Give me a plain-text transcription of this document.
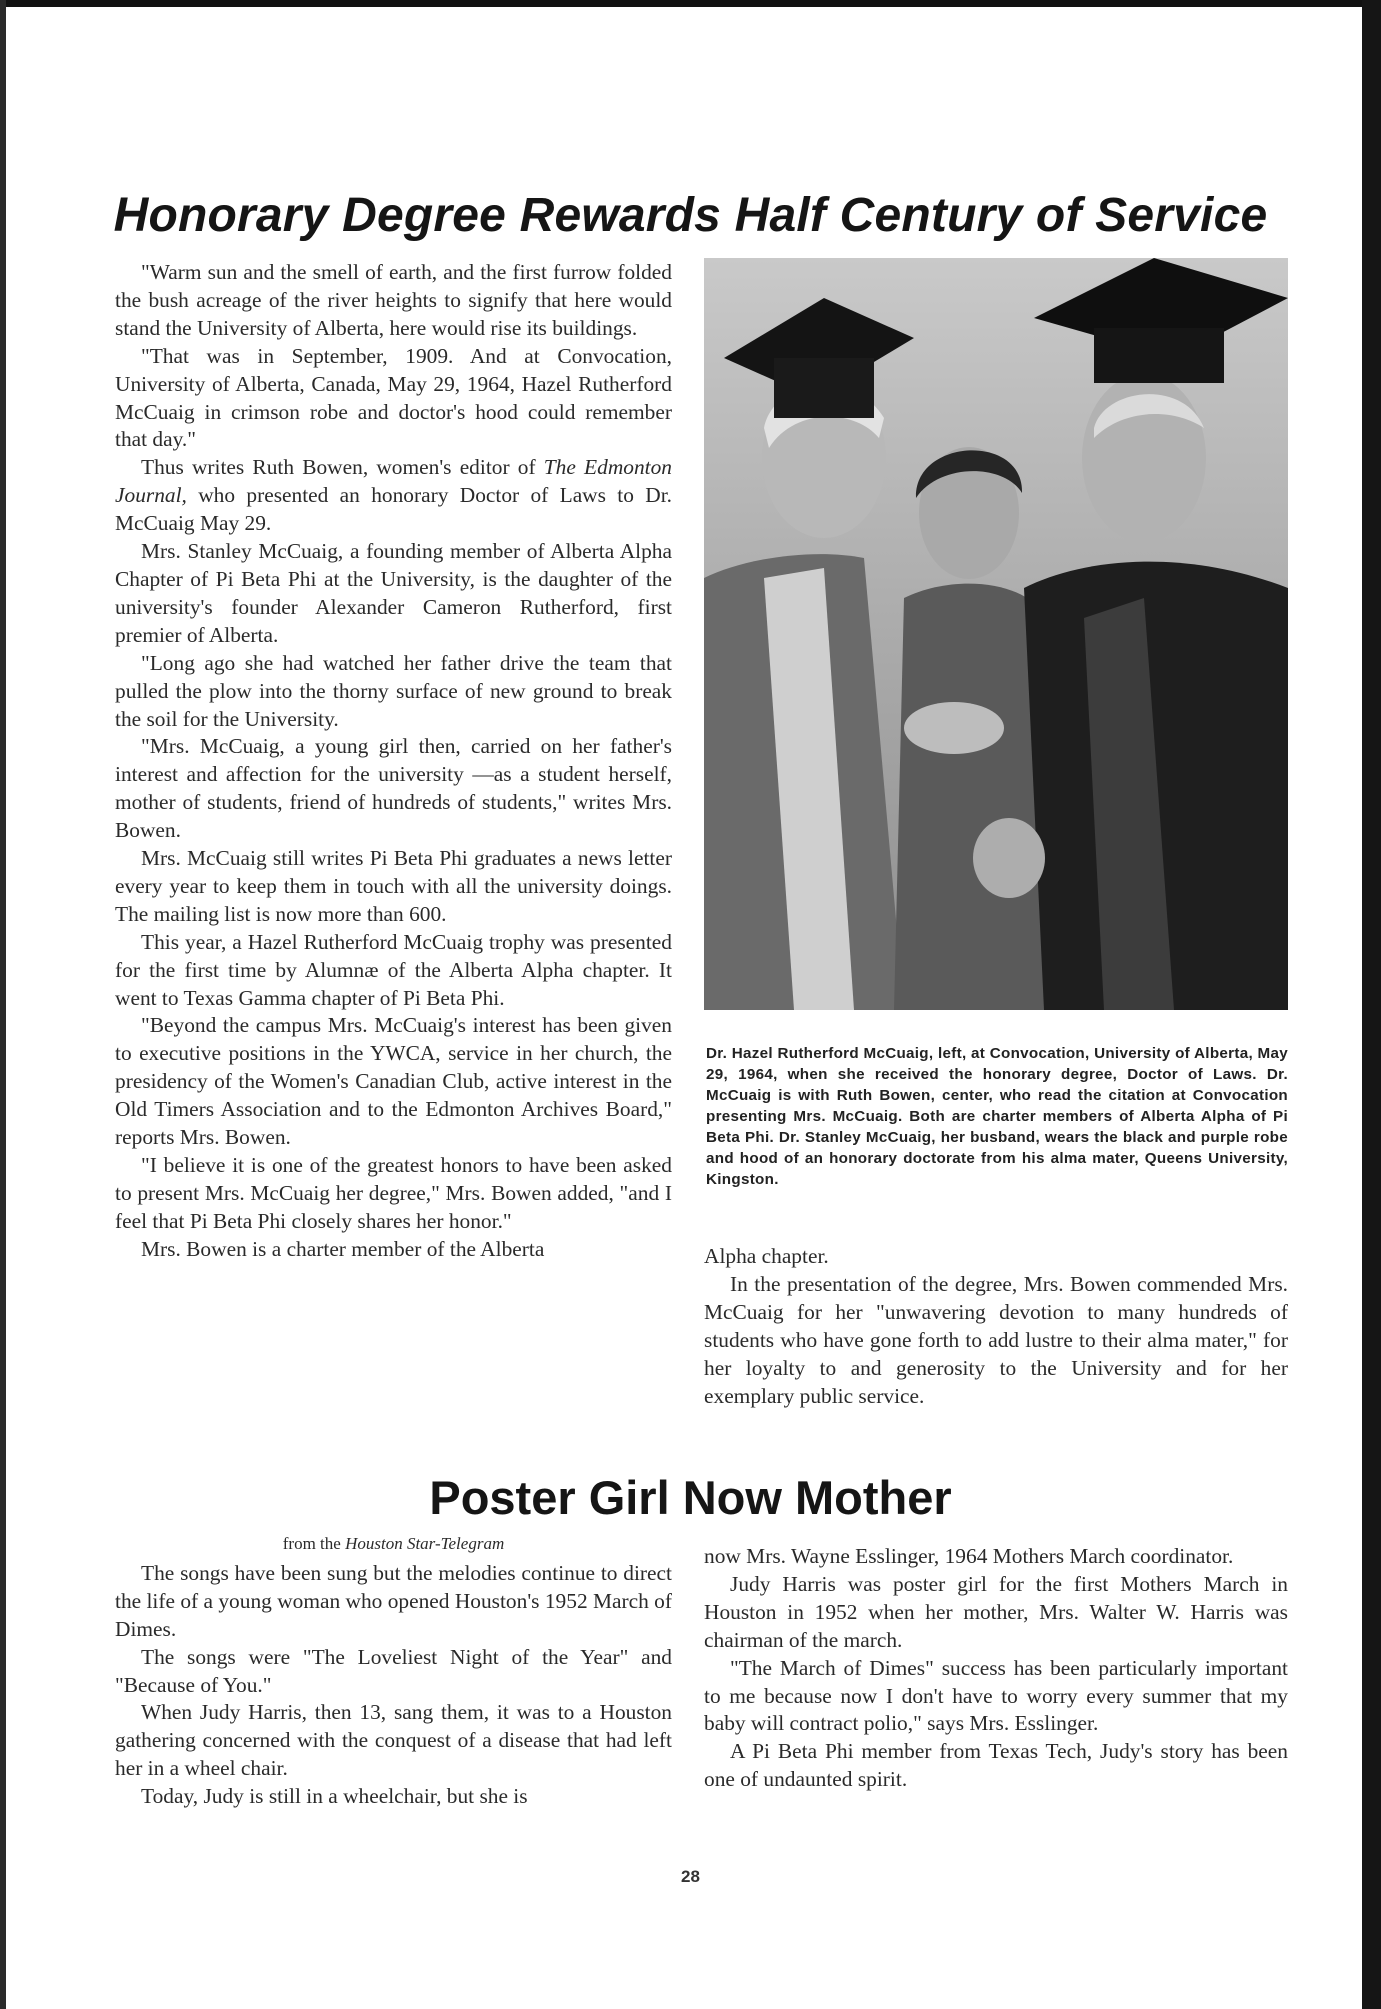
Honorary Degree Rewards Half Century of Service

"Warm sun and the smell of earth, and the first furrow folded the bush acreage of the river heights to signify that here would stand the University of Alberta, here would rise its buildings.

"That was in September, 1909. And at Convocation, University of Alberta, Canada, May 29, 1964, Hazel Rutherford McCuaig in crimson robe and doctor's hood could remember that day."

Thus writes Ruth Bowen, women's editor of The Edmonton Journal, who presented an honorary Doctor of Laws to Dr. McCuaig May 29.

Mrs. Stanley McCuaig, a founding member of Alberta Alpha Chapter of Pi Beta Phi at the University, is the daughter of the university's founder Alexander Cameron Rutherford, first premier of Alberta.

"Long ago she had watched her father drive the team that pulled the plow into the thorny surface of new ground to break the soil for the University.

"Mrs. McCuaig, a young girl then, carried on her father's interest and affection for the university —as a student herself, mother of students, friend of hundreds of students," writes Mrs. Bowen.

Mrs. McCuaig still writes Pi Beta Phi graduates a news letter every year to keep them in touch with all the university doings. The mailing list is now more than 600.

This year, a Hazel Rutherford McCuaig trophy was presented for the first time by Alumnæ of the Alberta Alpha chapter. It went to Texas Gamma chapter of Pi Beta Phi.

"Beyond the campus Mrs. McCuaig's interest has been given to executive positions in the YWCA, service in her church, the presidency of the Women's Canadian Club, active interest in the Old Timers Association and to the Edmonton Archives Board," reports Mrs. Bowen.

"I believe it is one of the greatest honors to have been asked to present Mrs. McCuaig her degree," Mrs. Bowen added, "and I feel that Pi Beta Phi closely shares her honor."

Mrs. Bowen is a charter member of the Alberta

Dr. Hazel Rutherford McCuaig, left, at Convocation, University of Alberta, May 29, 1964, when she received the honorary degree, Doctor of Laws. Dr. McCuaig is with Ruth Bowen, center, who read the citation at Convocation presenting Mrs. McCuaig. Both are charter members of Alberta Alpha of Pi Beta Phi. Dr. Stanley McCuaig, her busband, wears the black and purple robe and hood of an honorary doctorate from his alma mater, Queens University, Kingston.

Alpha chapter.

In the presentation of the degree, Mrs. Bowen commended Mrs. McCuaig for her "unwavering devotion to many hundreds of students who have gone forth to add lustre to their alma mater," for her loyalty to and generosity to the University and for her exemplary public service.

Poster Girl Now Mother

from the Houston Star-Telegram

The songs have been sung but the melodies continue to direct the life of a young woman who opened Houston's 1952 March of Dimes.

The songs were "The Loveliest Night of the Year" and "Because of You."

When Judy Harris, then 13, sang them, it was to a Houston gathering concerned with the conquest of a disease that had left her in a wheel chair.

Today, Judy is still in a wheelchair, but she is

now Mrs. Wayne Esslinger, 1964 Mothers March coordinator.

Judy Harris was poster girl for the first Mothers March in Houston in 1952 when her mother, Mrs. Walter W. Harris was chairman of the march.

"The March of Dimes" success has been particularly important to me because now I don't have to worry every summer that my baby will contract polio," says Mrs. Esslinger.

A Pi Beta Phi member from Texas Tech, Judy's story has been one of undaunted spirit.

28
